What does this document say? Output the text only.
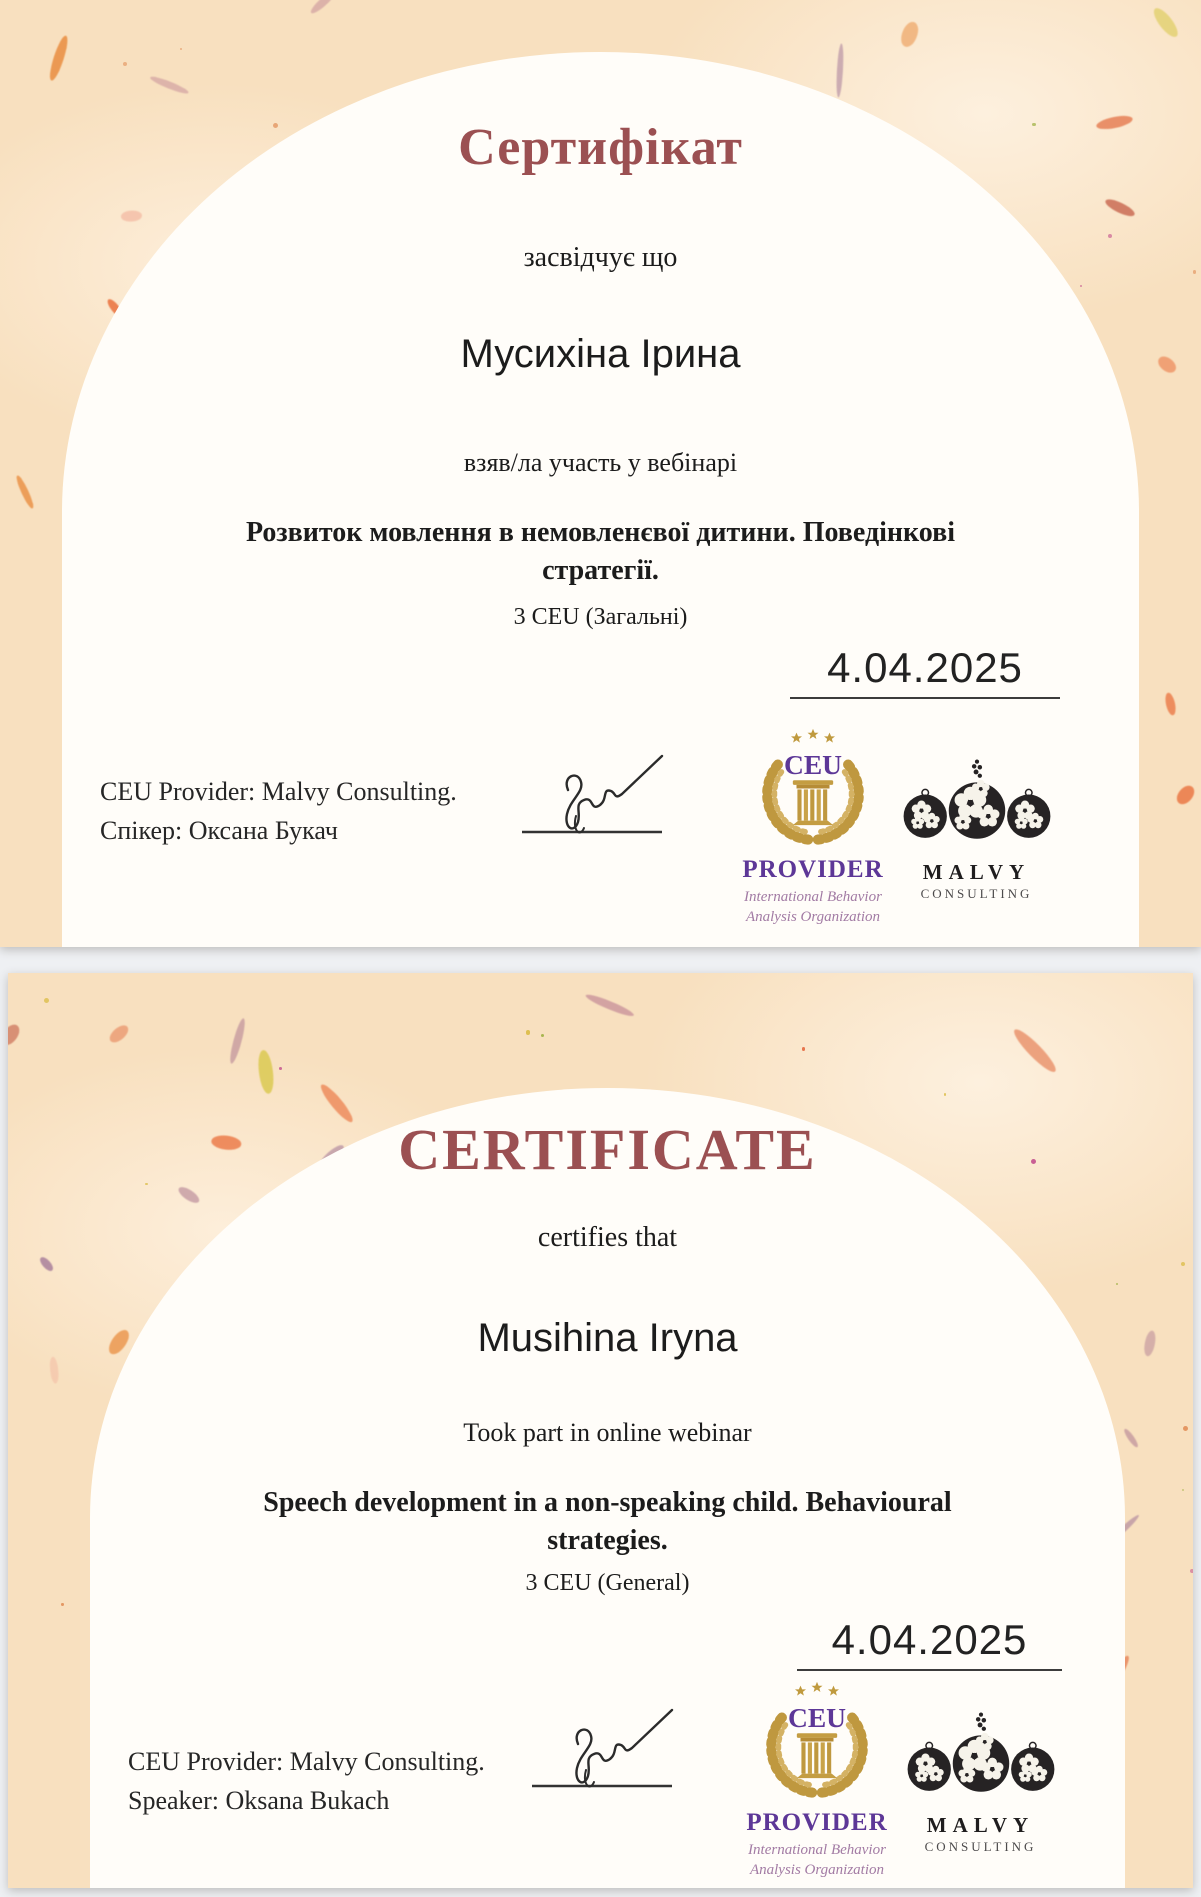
Сертифікат
засвідчує що
Мусихіна Ірина
взяв/ла участь у вебінарі
Розвиток мовлення в немовленєвої дитини. Поведінкові
стратегії.
3 CEU (Загальні)
4.04.2025
CEU Provider: Malvy Consulting.
Спікер: Оксана Букач
CEU
PROVIDER
International Behavior
Analysis Organization
MALVY
CONSULTING
CERTIFICATE
certifies that
Musihina Iryna
Took part in online webinar
Speech development in a non-speaking child. Behavioural
strategies.
3 CEU (General)
4.04.2025
CEU Provider: Malvy Consulting.
Speaker: Oksana Bukach
CEU
PROVIDER
International Behavior
Analysis Organization
MALVY
CONSULTING
